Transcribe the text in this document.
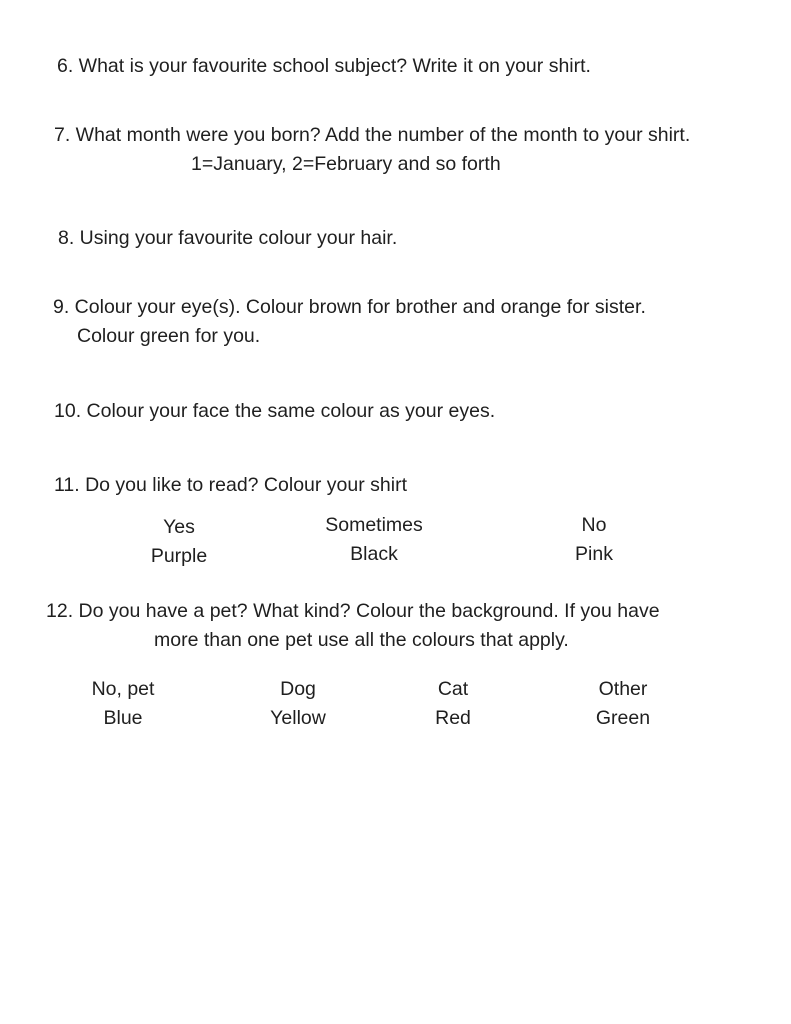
6. What is your favourite school subject? Write it on your shirt.
7. What month were you born? Add the number of the month to your shirt.
1=January, 2=February and so forth
8. Using your favourite colour your hair.
9. Colour your eye(s). Colour brown for brother and orange for sister.
Colour green for you.
10. Colour your face the same colour as your eyes.
11. Do you like to read? Colour your shirt
Yes
Purple
Sometimes
Black
No
Pink
12. Do you have a pet? What kind? Colour the background. If you have
more than one pet use all the colours that apply.
No, pet
Blue
Dog
Yellow
Cat
Red
Other
Green
